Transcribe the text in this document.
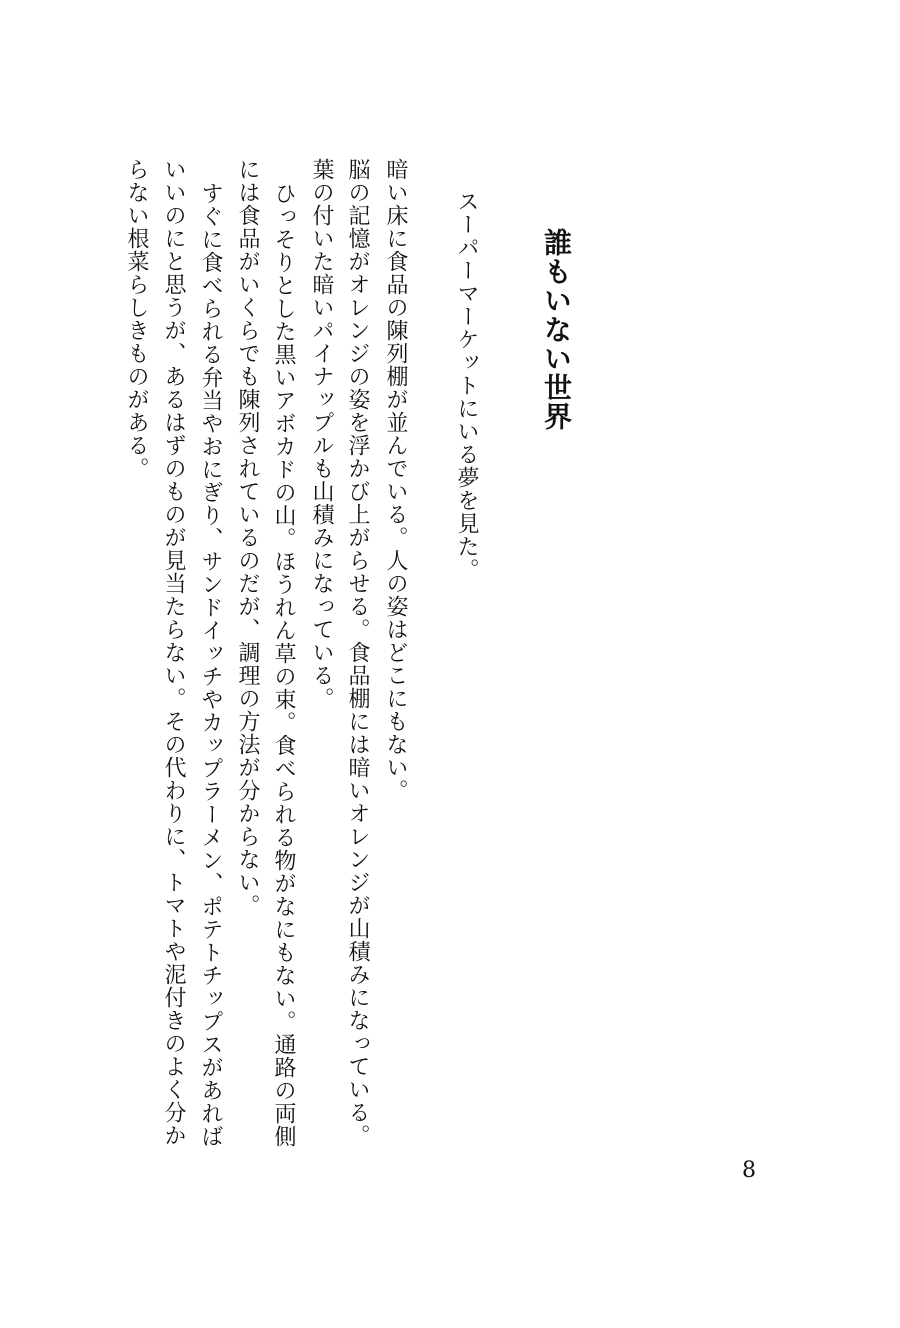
誰もいない世界
スーパーマーケットにいる夢を見た。
暗い床に食品の陳列棚が並んでいる。人の姿はどこにもない。
脳の記憶がオレンジの姿を浮かび上がらせる。食品棚には暗いオレンジが山積みになっている。
葉の付いた暗いパイナップルも山積みになっている。
ひっそりとした黒いアボカドの山。ほうれん草の束。食べられる物がなにもない。通路の両側
には食品がいくらでも陳列されているのだが、調理の方法が分からない。
すぐに食べられる弁当やおにぎり、サンドイッチやカップラーメン、ポテトチップスがあれば
いいのにと思うが、あるはずのものが見当たらない。その代わりに、トマトや泥付きのよく分か
らない根菜らしきものがある。
8
